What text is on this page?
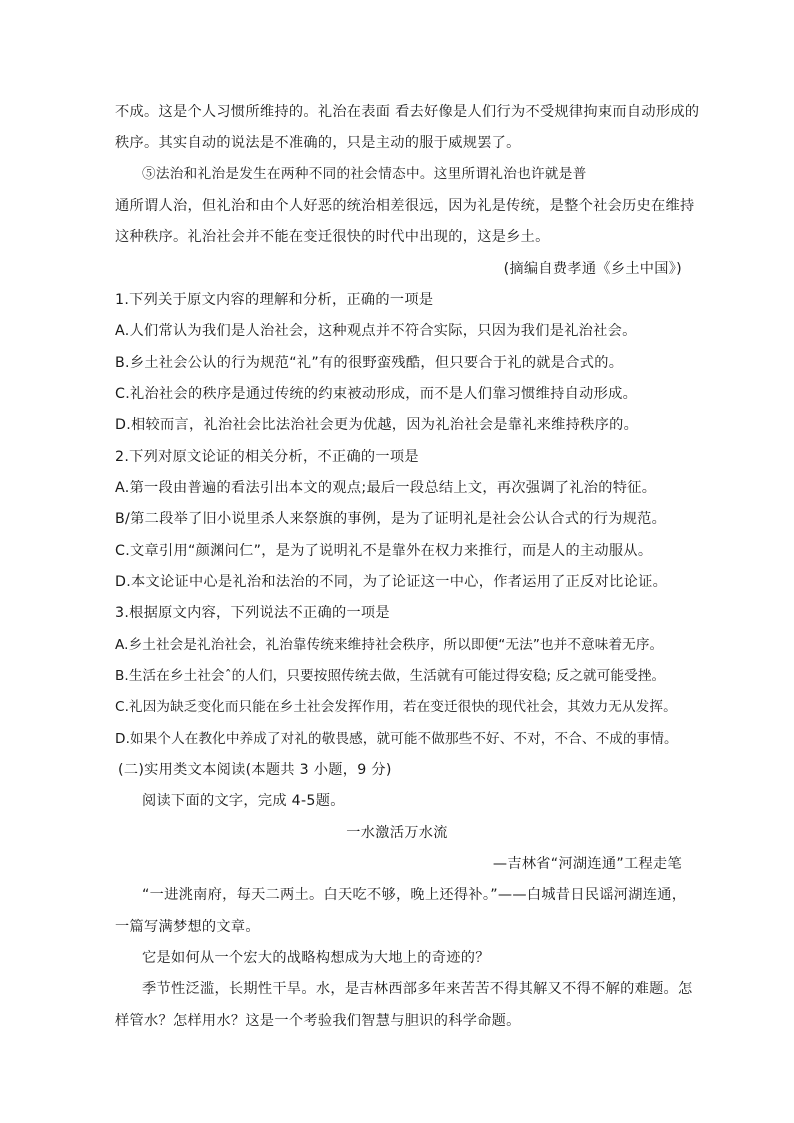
不成。这是个人习惯所维持的。礼治在表面 看去好像是人们行为不受规律拘束而自动形成的
秩序。其实自动的说法是不准确的，只是主动的服于威规罢了。
⑤法治和礼治是发生在两种不同的社会情态中。这里所谓礼治也许就是普
通所谓人治，但礼治和由个人好恶的统治相差很远，因为礼是传统，是整个社会历史在维持
这种秩序。礼治社会并不能在变迁很快的时代中出现的，这是乡土。
(摘编自费孝通《乡土中国》)
1.下列关于原文内容的理解和分析，正确的一项是
A.人们常认为我们是人治社会，这种观点并不符合实际，只因为我们是礼治社会。
B.乡土社会公认的行为规范“礼”有的很野蛮残酷，但只要合于礼的就是合式的。
C.礼治社会的秩序是通过传统的约束被动形成，而不是人们靠习惯维持自动形成。
D.相较而言，礼治社会比法治社会更为优越，因为礼治社会是靠礼来维持秩序的。
2.下列对原文论证的相关分析，不正确的一项是
A.第一段由普遍的看法引出本文的观点;最后一段总结上文，再次强调了礼治的特征。
B/第二段举了旧小说里杀人来祭旗的事例，是为了证明礼是社会公认合式的行为规范。
C.文章引用“颜渊问仁”，是为了说明礼不是靠外在权力来推行，而是人的主动服从。
D.本文论证中心是礼治和法治的不同，为了论证这一中心，作者运用了正反对比论证。
3.根据原文内容，下列说法不正确的一项是
A.乡土社会是礼治社会，礼治靠传统来维持社会秩序，所以即便“无法”也并不意味着无序。
B.生活在乡土社会ˆ的人们，只要按照传统去做，生活就有可能过得安稳; 反之就可能受挫。
C.礼因为缺乏变化而只能在乡土社会发挥作用，若在变迁很快的现代社会，其效力无从发挥。
D.如果个人在教化中养成了对礼的敬畏感，就可能不做那些不好、不对，不合、不成的事情。
(二)实用类文本阅读(本题共 3 小题，9 分)
阅读下面的文字，完成 4-5题。
一水激活万水流
—吉林省“河湖连通”工程走笔
“一进洮南府，每天二两土。白天吃不够，晚上还得补。”——白城昔日民谣河湖连通，
一篇写满梦想的文章。
它是如何从一个宏大的战略构想成为大地上的奇迹的？
季节性泛滥，长期性干旱。水，是吉林西部多年来苦苦不得其解又不得不解的难题。怎
样管水？怎样用水？这是一个考验我们智慧与胆识的科学命题。
